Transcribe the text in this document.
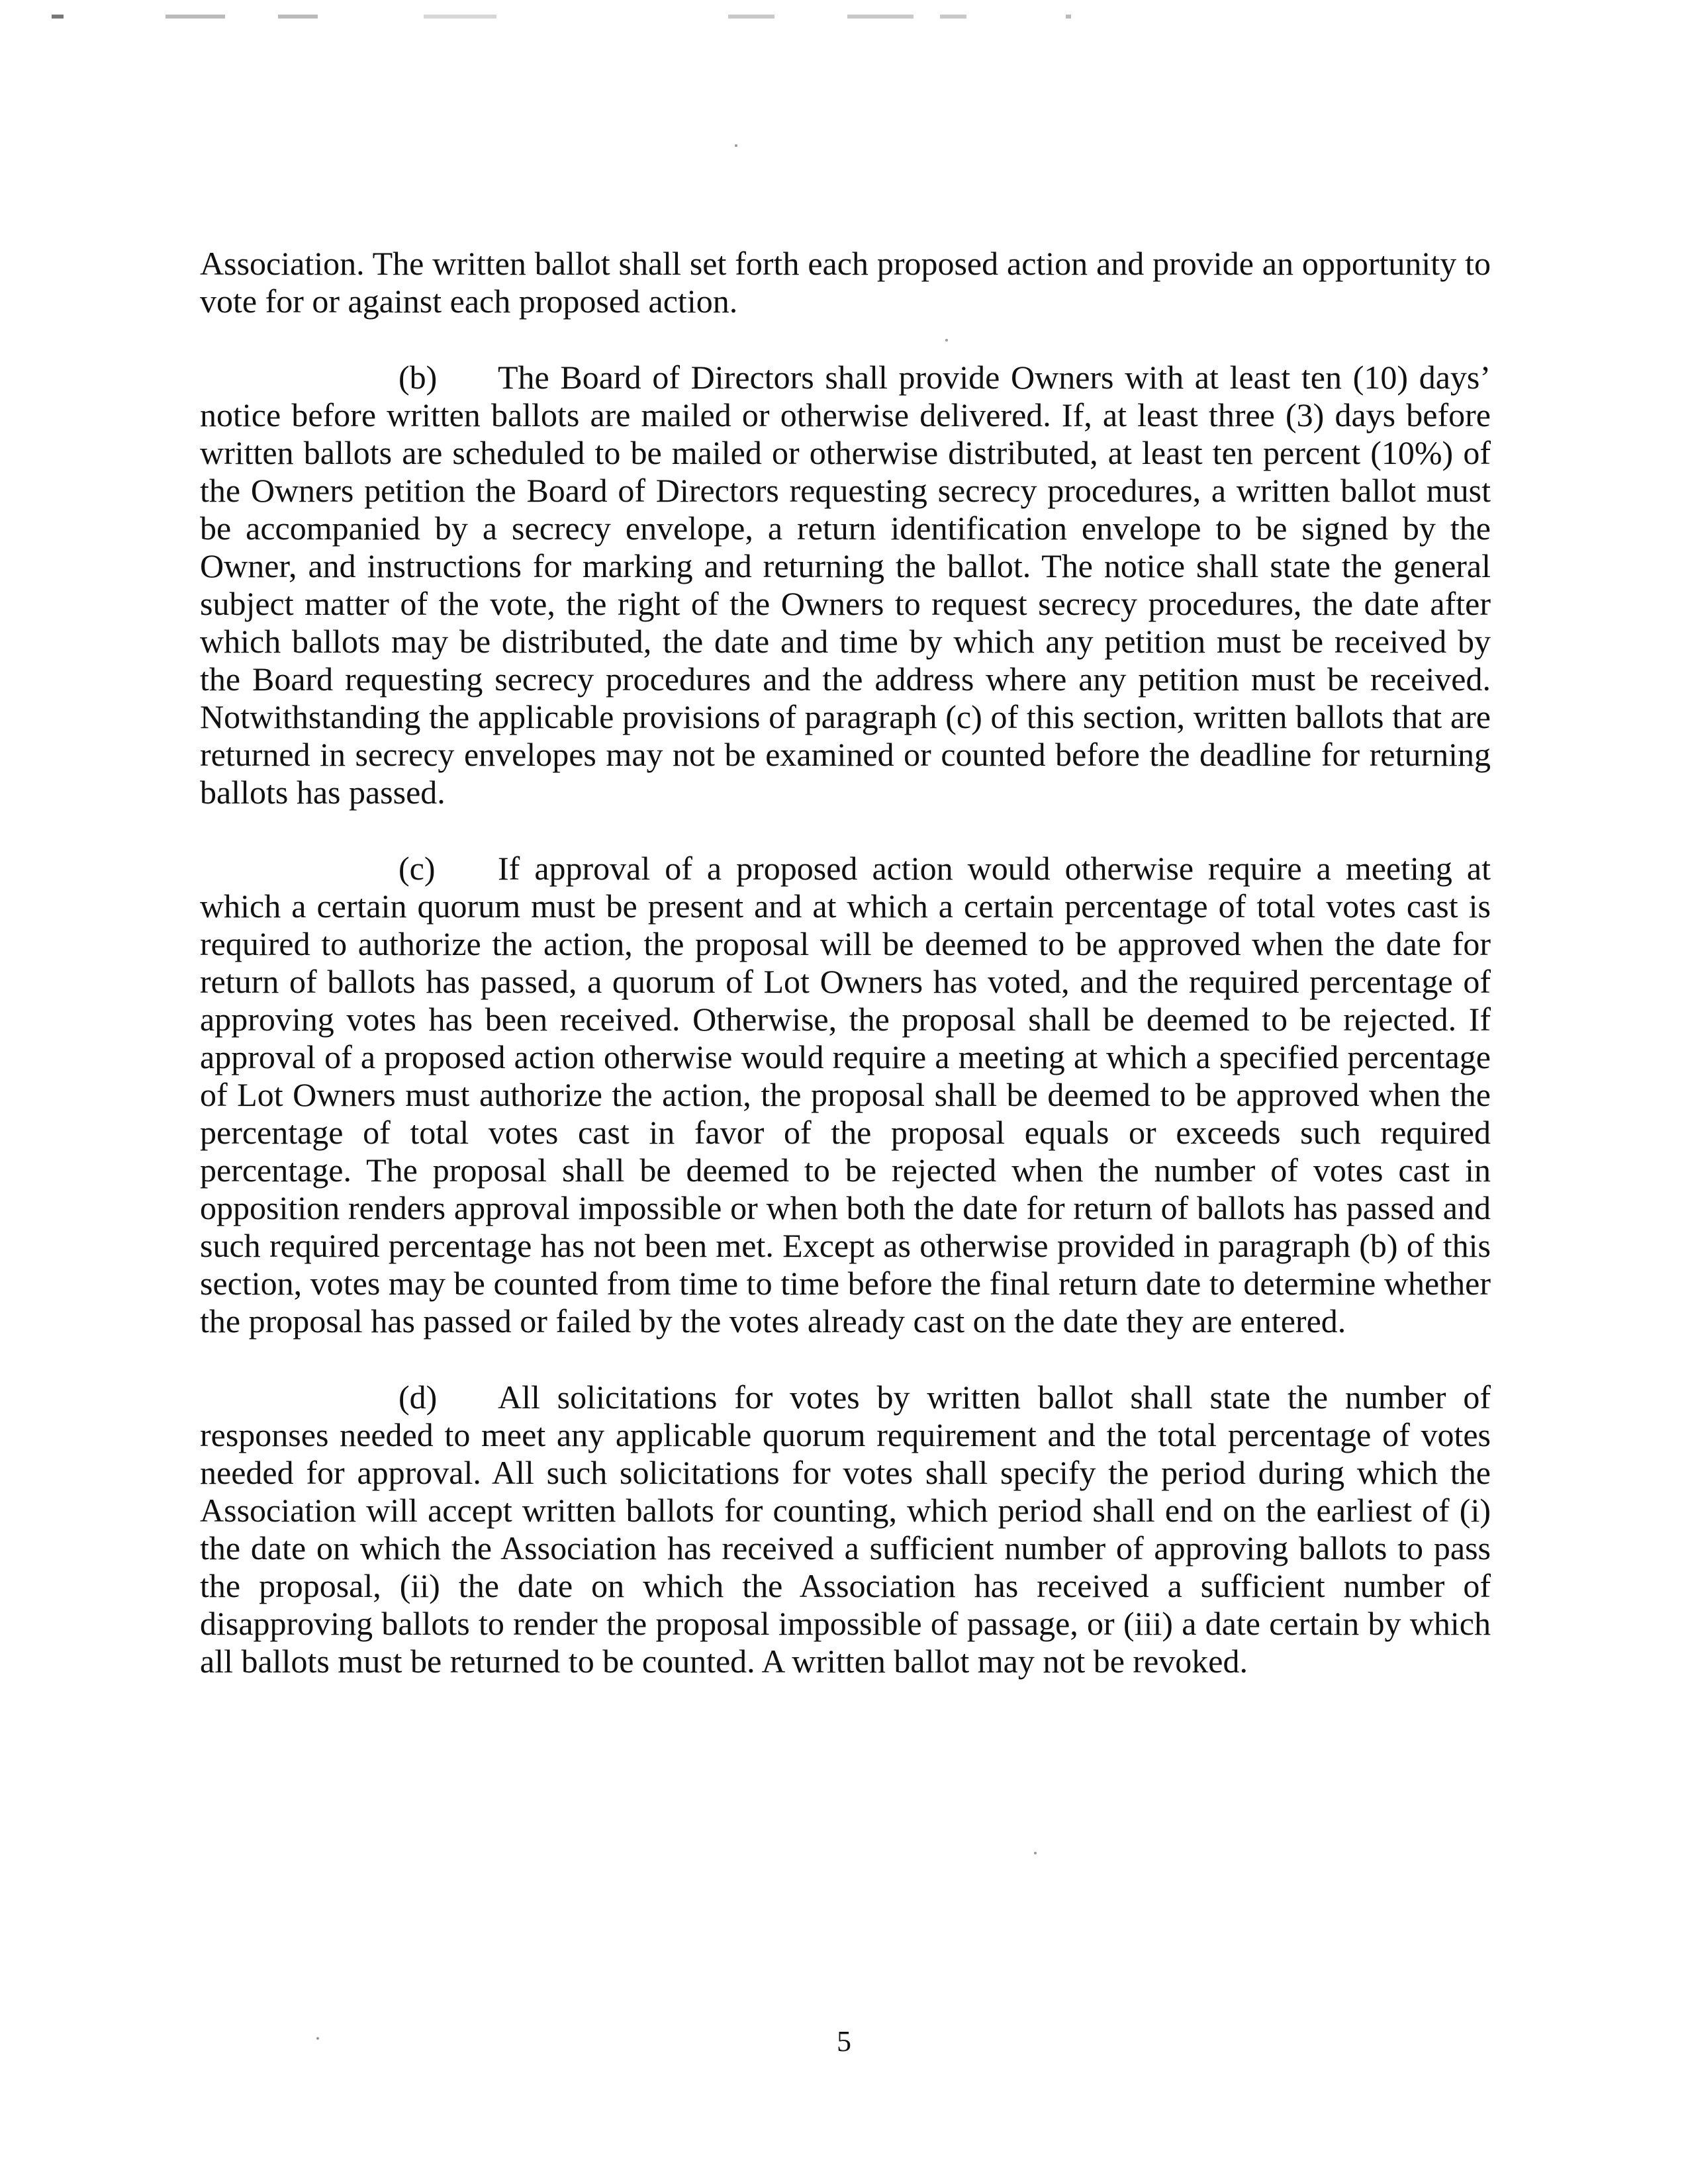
Association. The written ballot shall set forth each proposed action and provide an opportunity to vote for or against each proposed action.

(b) The Board of Directors shall provide Owners with at least ten (10) days’ notice before written ballots are mailed or otherwise delivered. If, at least three (3) days before written ballots are scheduled to be mailed or otherwise distributed, at least ten percent (10%) of the Owners petition the Board of Directors requesting secrecy procedures, a written ballot must be accompanied by a secrecy envelope, a return identification envelope to be signed by the Owner, and instructions for marking and returning the ballot. The notice shall state the general subject matter of the vote, the right of the Owners to request secrecy procedures, the date after which ballots may be distributed, the date and time by which any petition must be received by the Board requesting secrecy procedures and the address where any petition must be received. Notwithstanding the applicable provisions of paragraph (c) of this section, written ballots that are returned in secrecy envelopes may not be examined or counted before the deadline for returning ballots has passed.

(c) If approval of a proposed action would otherwise require a meeting at which a certain quorum must be present and at which a certain percentage of total votes cast is required to authorize the action, the proposal will be deemed to be approved when the date for return of ballots has passed, a quorum of Lot Owners has voted, and the required percentage of approving votes has been received. Otherwise, the proposal shall be deemed to be rejected. If approval of a proposed action otherwise would require a meeting at which a specified percentage of Lot Owners must authorize the action, the proposal shall be deemed to be approved when the percentage of total votes cast in favor of the proposal equals or exceeds such required percentage. The proposal shall be deemed to be rejected when the number of votes cast in opposition renders approval impossible or when both the date for return of ballots has passed and such required percentage has not been met. Except as otherwise provided in paragraph (b) of this section, votes may be counted from time to time before the final return date to determine whether the proposal has passed or failed by the votes already cast on the date they are entered.

(d) All solicitations for votes by written ballot shall state the number of responses needed to meet any applicable quorum requirement and the total percentage of votes needed for approval. All such solicitations for votes shall specify the period during which the Association will accept written ballots for counting, which period shall end on the earliest of (i) the date on which the Association has received a sufficient number of approving ballots to pass the proposal, (ii) the date on which the Association has received a sufficient number of disapproving ballots to render the proposal impossible of passage, or (iii) a date certain by which all ballots must be returned to be counted. A written ballot may not be revoked.

5
